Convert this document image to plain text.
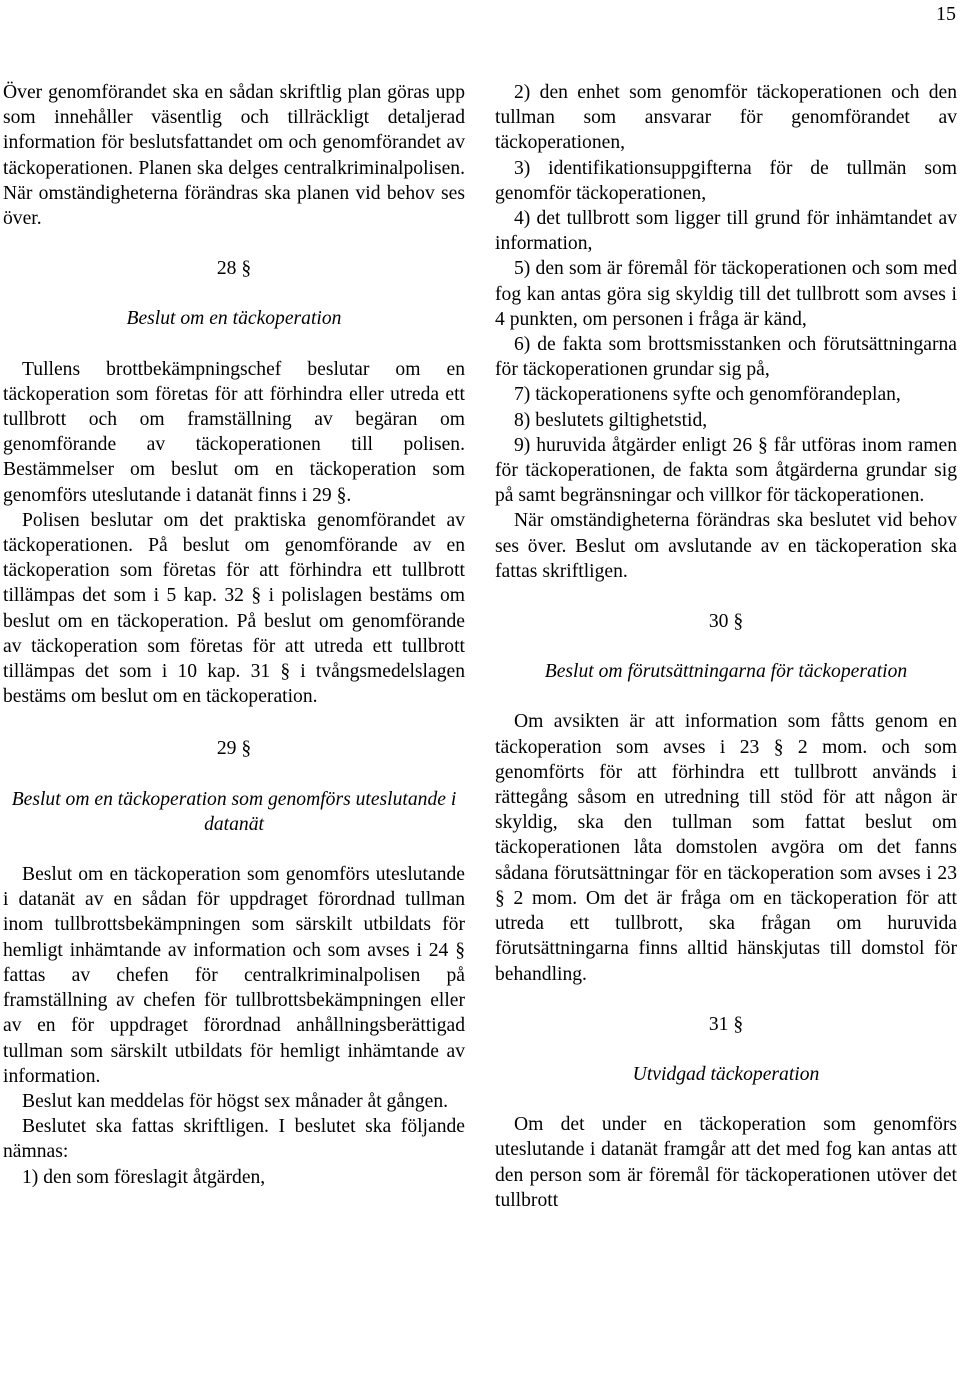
15

Över genomförandet ska en sådan skriftlig plan göras upp som innehåller väsentlig och tillräckligt detaljerad information för beslutsfattandet om och genomförandet av täckoperationen. Planen ska delges centralkriminalpolisen. När omständigheterna förändras ska planen vid behov ses över.

28 §

Beslut om en täckoperation

Tullens brottbekämpningschef beslutar om en täckoperation som företas för att förhindra eller utreda ett tullbrott och om framställning av begäran om genomförande av täckoperationen till polisen. Bestämmelser om beslut om en täckoperation som genomförs uteslutande i datanät finns i 29 §.

Polisen beslutar om det praktiska genomförandet av täckoperationen. På beslut om genomförande av en täckoperation som företas för att förhindra ett tullbrott tillämpas det som i 5 kap. 32 § i polislagen bestäms om beslut om en täckoperation. På beslut om genomförande av täckoperation som företas för att utreda ett tullbrott tillämpas det som i 10 kap. 31 § i tvångsmedelslagen bestäms om beslut om en täckoperation.

29 §

Beslut om en täckoperation som genomförs uteslutande i datanät

Beslut om en täckoperation som genomförs uteslutande i datanät av en sådan för uppdraget förordnad tullman inom tullbrottsbekämpningen som särskilt utbildats för hemligt inhämtande av information och som avses i 24 § fattas av chefen för centralkriminalpolisen på framställning av chefen för tullbrottsbekämpningen eller av en för uppdraget förordnad anhållningsberättigad tullman som särskilt utbildats för hemligt inhämtande av information.

Beslut kan meddelas för högst sex månader åt gången.

Beslutet ska fattas skriftligen. I beslutet ska följande nämnas:

1) den som föreslagit åtgärden,

2) den enhet som genomför täckoperationen och den tullman som ansvarar för genomförandet av täckoperationen,

3) identifikationsuppgifterna för de tullmän som genomför täckoperationen,

4) det tullbrott som ligger till grund för inhämtandet av information,

5) den som är föremål för täckoperationen och som med fog kan antas göra sig skyldig till det tullbrott som avses i 4 punkten, om personen i fråga är känd,

6) de fakta som brottsmisstanken och förutsättningarna för täckoperationen grundar sig på,

7) täckoperationens syfte och genomförandeplan,

8) beslutets giltighetstid,

9) huruvida åtgärder enligt 26 § får utföras inom ramen för täckoperationen, de fakta som åtgärderna grundar sig på samt begränsningar och villkor för täckoperationen.

När omständigheterna förändras ska beslutet vid behov ses över. Beslut om avslutande av en täckoperation ska fattas skriftligen.

30 §

Beslut om förutsättningarna för täckoperation

Om avsikten är att information som fåtts genom en täckoperation som avses i 23 § 2 mom. och som genomförts för att förhindra ett tullbrott används i rättegång såsom en utredning till stöd för att någon är skyldig, ska den tullman som fattat beslut om täckoperationen låta domstolen avgöra om det fanns sådana förutsättningar för en täckoperation som avses i 23 § 2 mom. Om det är fråga om en täckoperation för att utreda ett tullbrott, ska frågan om huruvida förutsättningarna finns alltid hänskjutas till domstol för behandling.

31 §

Utvidgad täckoperation

Om det under en täckoperation som genomförs uteslutande i datanät framgår att det med fog kan antas att den person som är föremål för täckoperationen utöver det tullbrott
